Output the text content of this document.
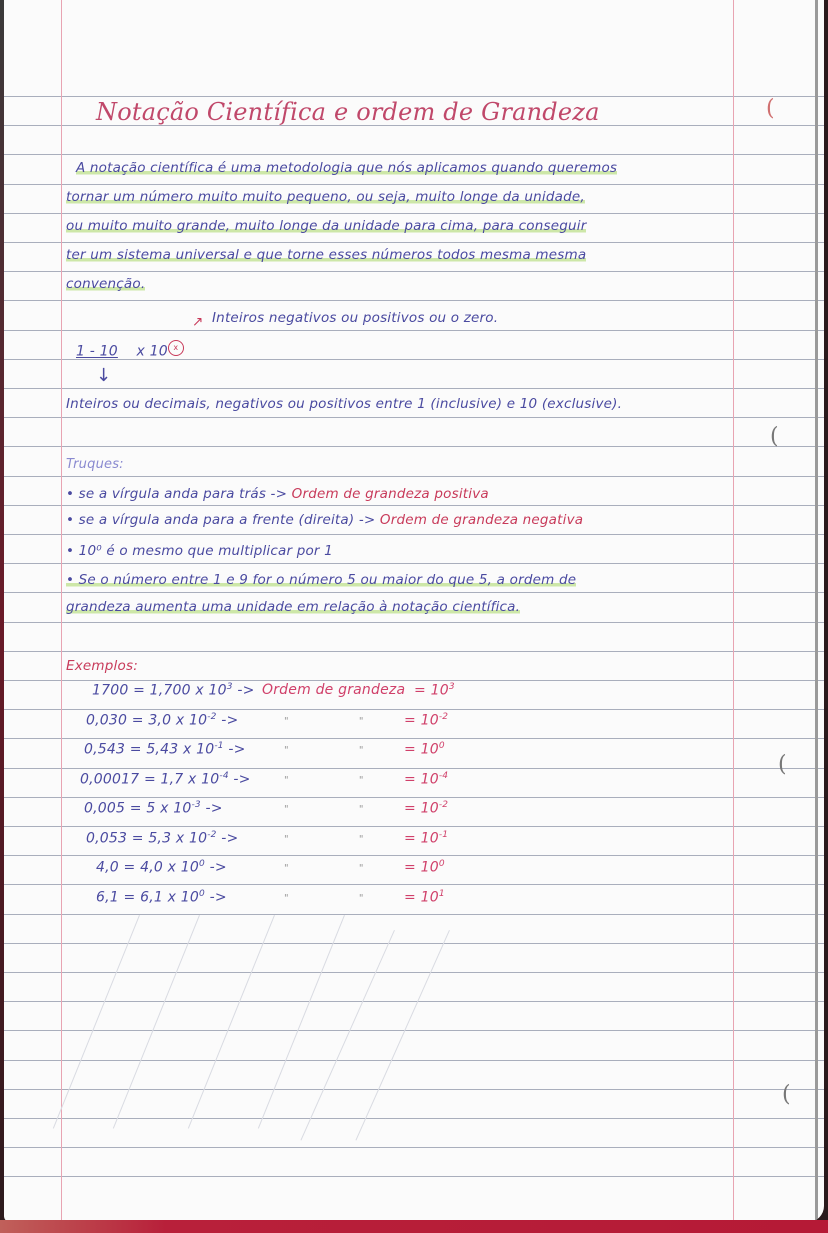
Notação Científica e ordem de Grandeza
A notação científica é uma metodologia que nós aplicamos quando queremos
tornar um número muito muito pequeno, ou seja, muito longe da unidade,
ou muito muito grande, muito longe da unidade para cima, para conseguir
ter um sistema universal e que torne esses números todos mesma mesma
convenção.
Inteiros negativos ou positivos ou o zero.
↗
1 - 10 x 10 x
↓
Inteiros ou decimais, negativos ou positivos entre 1 (inclusive) e 10 (exclusive).
Truques:
• se a vírgula anda para trás -> Ordem de grandeza positiva
• se a vírgula anda para a frente (direita) -> Ordem de grandeza negativa
• 10⁰ é o mesmo que multiplicar por 1
• Se o número entre 1 e 9 for o número 5 ou maior do que 5, a ordem de
grandeza aumenta uma unidade em relação à notação científica.
Exemplos:
1700 = 1,700 x $10^3$ -> Ordem de grandeza = $10^3$
0,030 = 3,0 x $10^{-2}$ ->	"	"	= $10^{-2}$
0,543 = 5,43 x $10^{-1}$ ->	"	"	= $10^0$
0,00017 = 1,7 x $10^{-4}$ ->	"	"	= $10^{-4}$
0,005 = 5 x $10^{-3}$ ->	"	"	= $10^{-2}$
0,053 = 5,3 x $10^{-2}$ ->	"	"	= $10^{-1}$
4,0 = 4,0 x $10^0$ ->	"	"	= $10^0$
6,1 = 6,1 x $10^0$ ->	"	"	= $10^1$
(
(
(
(
